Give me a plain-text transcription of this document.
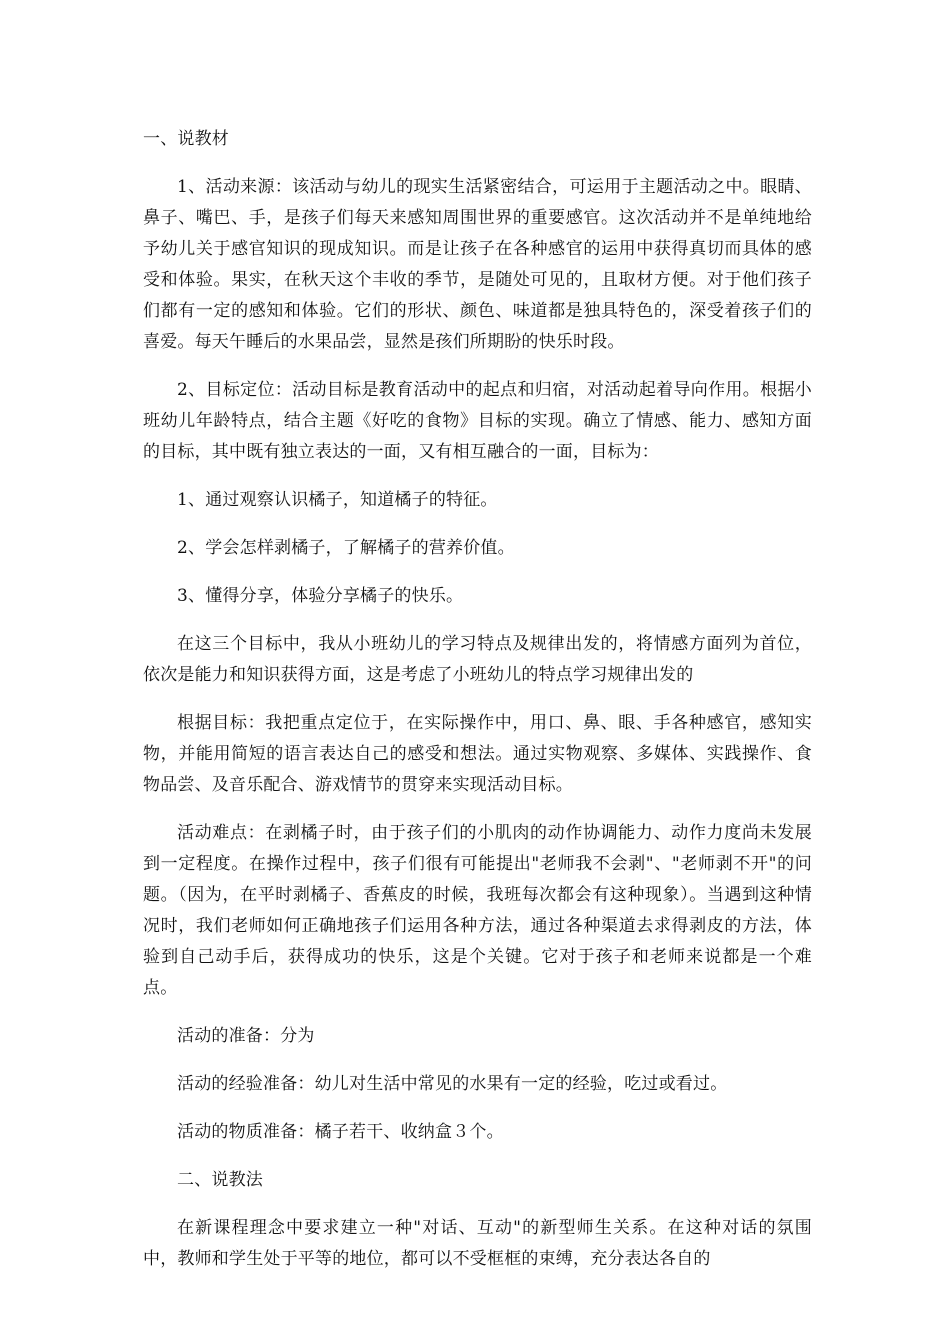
一、说教材

1、活动来源：该活动与幼儿的现实生活紧密结合，可运用于主题活动之中。眼睛、鼻子、嘴巴、手，是孩子们每天来感知周围世界的重要感官。这次活动并不是单纯地给予幼儿关于感官知识的现成知识。而是让孩子在各种感官的运用中获得真切而具体的感受和体验。果实，在秋天这个丰收的季节，是随处可见的，且取材方便。对于他们孩子们都有一定的感知和体验。它们的形状、颜色、味道都是独具特色的，深受着孩子们的喜爱。每天午睡后的水果品尝，显然是孩们所期盼的快乐时段。

2、目标定位：活动目标是教育活动中的起点和归宿，对活动起着导向作用。根据小班幼儿年龄特点，结合主题《好吃的食物》目标的实现。确立了情感、能力、感知方面的目标，其中既有独立表达的一面，又有相互融合的一面，目标为：

1、通过观察认识橘子，知道橘子的特征。

2、学会怎样剥橘子，了解橘子的营养价值。

3、懂得分享，体验分享橘子的快乐。

在这三个目标中，我从小班幼儿的学习特点及规律出发的，将情感方面列为首位，依次是能力和知识获得方面，这是考虑了小班幼儿的特点学习规律出发的

根据目标：我把重点定位于，在实际操作中，用口、鼻、眼、手各种感官，感知实物，并能用简短的语言表达自己的感受和想法。通过实物观察、多媒体、实践操作、食物品尝、及音乐配合、游戏情节的贯穿来实现活动目标。

活动难点：在剥橘子时，由于孩子们的小肌肉的动作协调能力、动作力度尚未发展到一定程度。在操作过程中，孩子们很有可能提出"老师我不会剥"、"老师剥不开"的问题。（因为，在平时剥橘子、香蕉皮的时候，我班每次都会有这种现象）。当遇到这种情况时，我们老师如何正确地孩子们运用各种方法，通过各种渠道去求得剥皮的方法，体验到自己动手后，获得成功的快乐，这是个关键。它对于孩子和老师来说都是一个难点。

活动的准备：分为

活动的经验准备：幼儿对生活中常见的水果有一定的经验，吃过或看过。

活动的物质准备：橘子若干、收纳盒３个。

二、说教法

在新课程理念中要求建立一种"对话、互动"的新型师生关系。在这种对话的氛围中，教师和学生处于平等的地位，都可以不受框框的束缚，充分表达各自的
